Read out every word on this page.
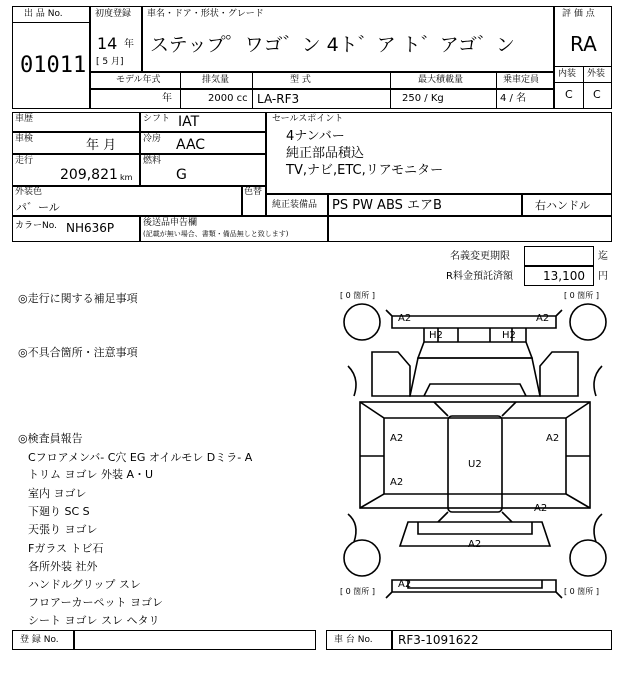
出 品 No.
01011
初度登録
14 年
[ 5 月]
車名・ドア・形状・グレード
ステップ゜ワゴ゛ン 4ト゛ア ト゛アゴ゛ン
評 価 点
RA
内装 外装
C C
モデル年式	排気量	型 式	最大積載量	乗車定員
年	2000 cc LA-RF3	250 / Kg	4 / 名
車歴	シフト IAT
車検	年 月	冷房 AAC
走行
209,821 km
燃料
G
外装色
パ゛ール
色替
カラーNo. NH636P	後送品申告欄
(記載が無い場合、書類・備品無しと致します)
セールスポイント
4ナンバー
純正部品積込
TV,ナビ,ETC,リアモニター
純正装備品 PS PW ABS エアB	右ハンドル
名義変更期限	迄
R料金預託済額	13,100 円
◎走行に関する補足事項
◎不具合箇所・注意事項
◎検査員報告
Cフロアメンバ- C穴 EG オイルモレ Dミラ- A
トリム ヨゴレ 外装 A・U
室内 ヨゴレ
下廻り SC S
天張り ヨゴレ
Fガラス トビ石
各所外装 社外
ハンドルグリップ スレ
フロアーカーペット ヨゴレ
シート ヨゴレ スレ ヘタリ
[ 0 箇所 ]	[ 0 箇所 ]
[ 0 箇所 ]	[ 0 箇所 ]
A2	A2
H2	H2
A2
A2
A2
A2
U2
A2
A2
登 録 No.	車 台 No. RF3-1091622
